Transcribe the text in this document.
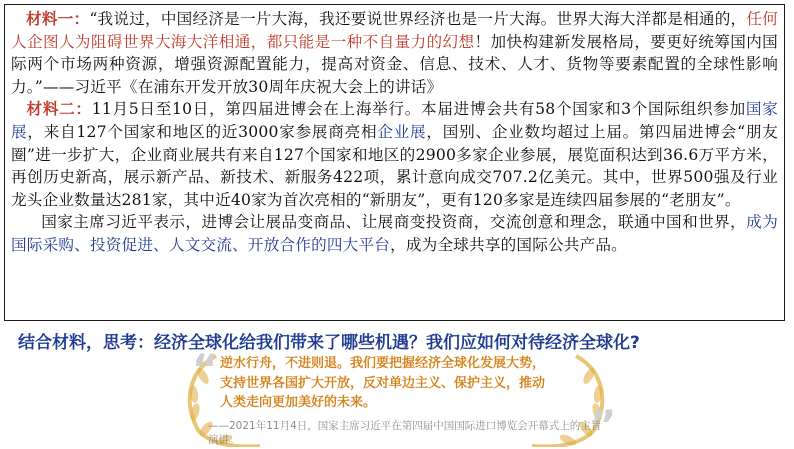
材料一：“我说过，中国经济是一片大海，我还要说世界经济也是一片大海。世界大海大洋都是相通的，任何人企图人为阻碍世界大海大洋相通，都只能是一种不自量力的幻想！加快构建新发展格局，要更好统筹国内国际两个市场两种资源，增强资源配置能力，提高对资金、信息、技术、人才、货物等要素配置的全球性影响力。”——习近平《在浦东开发开放30周年庆祝大会上的讲话》

材料二：11月5日至10日，第四届进博会在上海举行。本届进博会共有58个国家和3个国际组织参加国家展，来自127个国家和地区的近3000家参展商亮相企业展，国别、企业数均超过上届。第四届进博会“朋友圈”进一步扩大，企业商业展共有来自127个国家和地区的2900多家企业参展，展览面积达到36.6万平方米，再创历史新高，展示新产品、新技术、新服务422项，累计意向成交707.2亿美元。其中，世界500强及行业龙头企业数量达281家，其中近40家为首次亮相的“新朋友”，更有120多家是连续四届参展的“老朋友”。

国家主席习近平表示，进博会让展品变商品、让展商变投资商，交流创意和理念，联通中国和世界，成为国际采购、投资促进、人文交流、开放合作的四大平台，成为全球共享的国际公共产品。

结合材料，思考：经济全球化给我们带来了哪些机遇？我们应如何对待经济全球化?

“
”

逆水行舟，不进则退。我们要把握经济全球化发展大势，
支持世界各国扩大开放，反对单边主义、保护主义，推动
人类走向更加美好的未来。

——2021年11月4日，国家主席习近平在第四届中国国际进口博览会开幕式上的主旨演讲。
